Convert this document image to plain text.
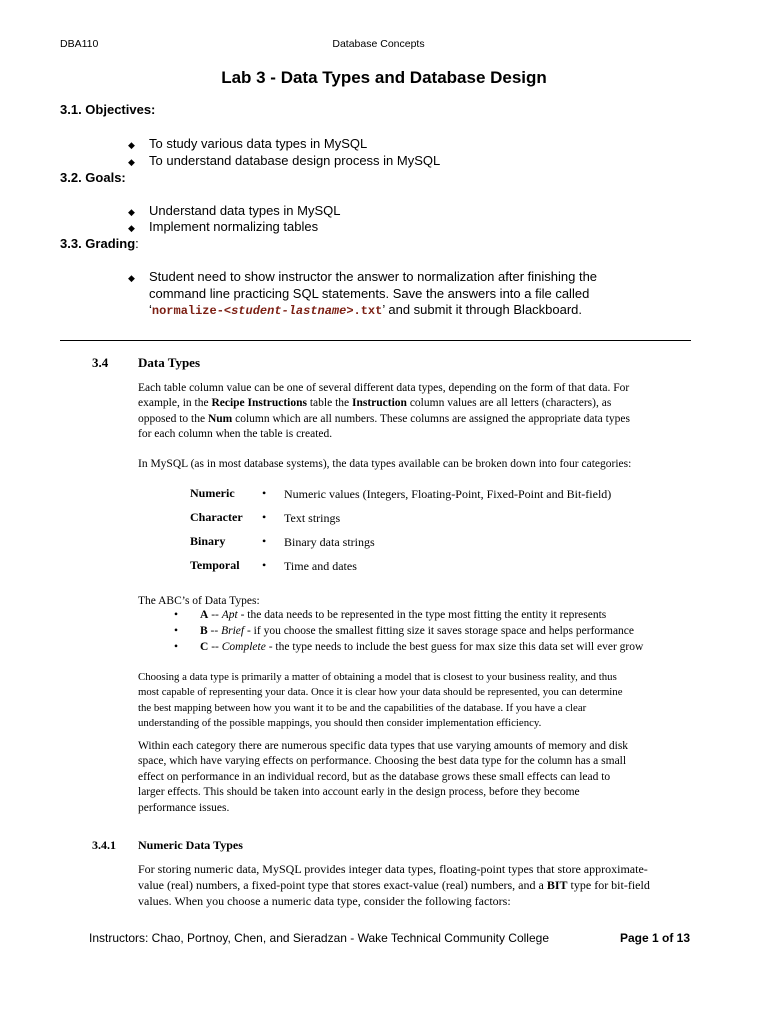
DBA110	Database Concepts
Lab 3 - Data Types and Database Design
3.1. Objectives:
◆ To study various data types in MySQL
◆ To understand database design process in MySQL
3.2. Goals:
◆ Understand data types in MySQL
◆ Implement normalizing tables
3.3. Grading:
◆ Student need to show instructor the answer to normalization after finishing the
command line practicing SQL statements. Save the answers into a file called
‘normalize-<student-lastname>.txt’ and submit it through Blackboard.
3.4 Data Types
Each table column value can be one of several different data types, depending on the form of that data. For
example, in the Recipe Instructions table the Instruction column values are all letters (characters), as
opposed to the Num column which are all numbers. These columns are assigned the appropriate data types
for each column when the table is created.
In MySQL (as in most database systems), the data types available can be broken down into four categories:
Numeric • Numeric values (Integers, Floating-Point, Fixed-Point and Bit-field)
Character • Text strings
Binary	• Binary data strings
Temporal • Time and dates
The ABC’s of Data Types:
• A -- Apt - the data needs to be represented in the type most fitting the entity it represents
• B -- Brief - if you choose the smallest fitting size it saves storage space and helps performance
• C -- Complete - the type needs to include the best guess for max size this data set will ever grow
Choosing a data type is primarily a matter of obtaining a model that is closest to your business reality, and thus
most capable of representing your data. Once it is clear how your data should be represented, you can determine
the best mapping between how you want it to be and the capabilities of the database. If you have a clear
understanding of the possible mappings, you should then consider implementation efficiency.
Within each category there are numerous specific data types that use varying amounts of memory and disk
space, which have varying effects on performance. Choosing the best data type for the column has a small
effect on performance in an individual record, but as the database grows these small effects can lead to
larger effects. This should be taken into account early in the design process, before they become
performance issues.
3.4.1 Numeric Data Types
For storing numeric data, MySQL provides integer data types, floating-point types that store approximate-
value (real) numbers, a fixed-point type that stores exact-value (real) numbers, and a BIT type for bit-field
values. When you choose a numeric data type, consider the following factors:
Instructors: Chao, Portnoy, Chen, and Sieradzan - Wake Technical Community College	Page 1 of 13
